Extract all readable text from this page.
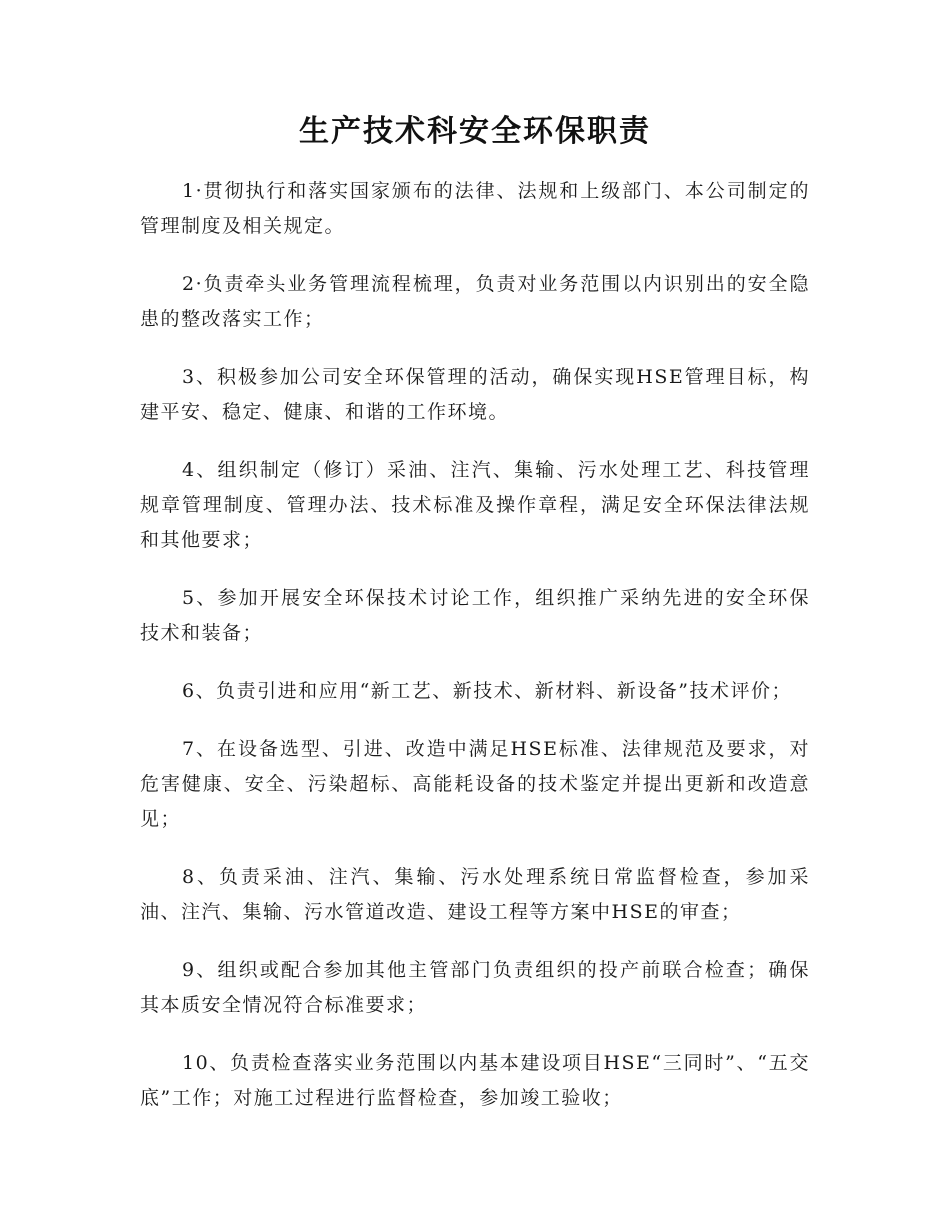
生产技术科安全环保职责

1·贯彻执行和落实国家颁布的法律、法规和上级部门、本公司制定的管理制度及相关规定。

2·负责牵头业务管理流程梳理，负责对业务范围以内识别出的安全隐患的整改落实工作；

3、积极参加公司安全环保管理的活动，确保实现HSE管理目标，构建平安、稳定、健康、和谐的工作环境。

4、组织制定（修订）采油、注汽、集输、污水处理工艺、科技管理规章管理制度、管理办法、技术标准及操作章程，满足安全环保法律法规和其他要求；

5、参加开展安全环保技术讨论工作，组织推广采纳先进的安全环保技术和装备；

6、负责引进和应用“新工艺、新技术、新材料、新设备”技术评价；

7、在设备选型、引进、改造中满足HSE标准、法律规范及要求，对危害健康、安全、污染超标、高能耗设备的技术鉴定并提出更新和改造意见；

8、负责采油、注汽、集输、污水处理系统日常监督检查，参加采油、注汽、集输、污水管道改造、建设工程等方案中HSE的审查；

9、组织或配合参加其他主管部门负责组织的投产前联合检查；确保其本质安全情况符合标准要求；

10、负责检查落实业务范围以内基本建设项目HSE“三同时”、“五交底”工作；对施工过程进行监督检查，参加竣工验收；
